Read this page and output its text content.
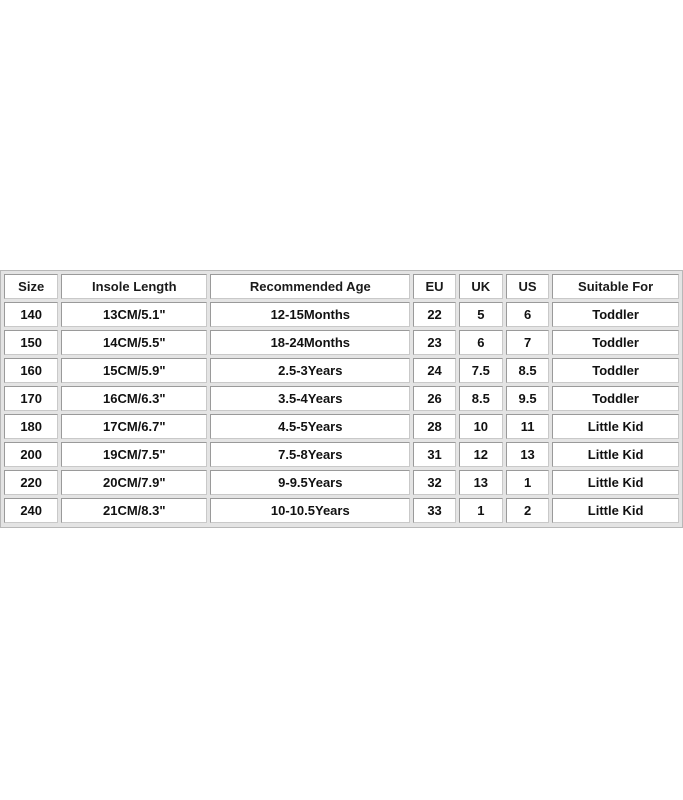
Size	Insole Length	Recommended Age	EU	UK	US	Suitable For
140	13CM/5.1"	12-15Months	22	5	6	Toddler
150	14CM/5.5"	18-24Months	23	6	7	Toddler
160	15CM/5.9"	2.5-3Years	24	7.5	8.5	Toddler
170	16CM/6.3"	3.5-4Years	26	8.5	9.5	Toddler
180	17CM/6.7"	4.5-5Years	28	10	11	Little Kid
200	19CM/7.5"	7.5-8Years	31	12	13	Little Kid
220	20CM/7.9"	9-9.5Years	32	13	1	Little Kid
240	21CM/8.3"	10-10.5Years	33	1	2	Little Kid
